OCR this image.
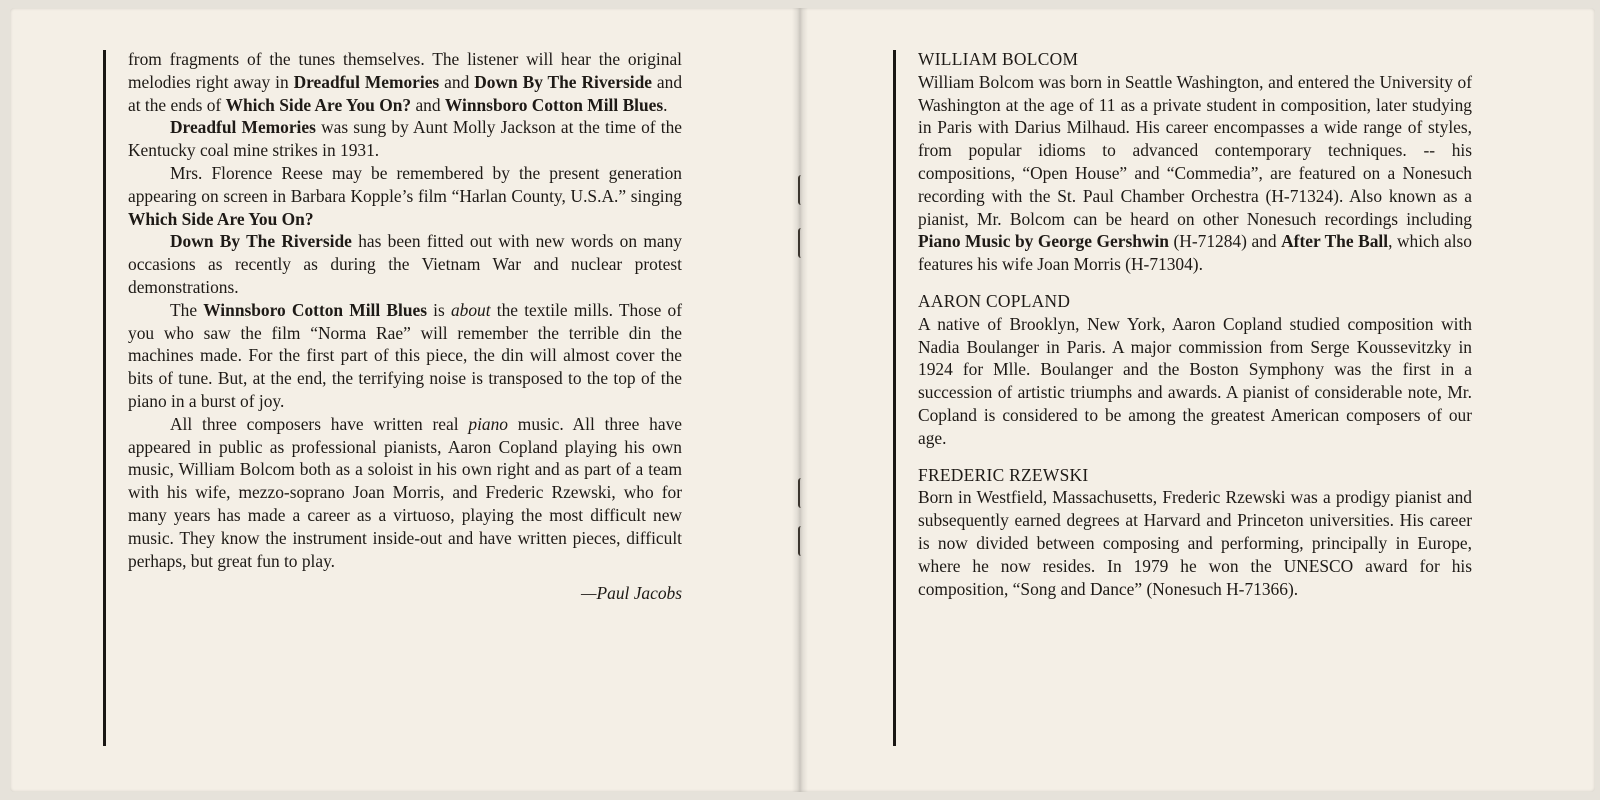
from fragments of the tunes themselves. The listener will hear the original melodies right away in Dreadful Memories and Down By The Riverside and at the ends of Which Side Are You On? and Winnsboro Cotton Mill Blues.

Dreadful Memories was sung by Aunt Molly Jackson at the time of the Kentucky coal mine strikes in 1931.

Mrs. Florence Reese may be remembered by the present generation appearing on screen in Barbara Kopple’s film “Harlan County, U.S.A.” singing Which Side Are You On?

Down By The Riverside has been fitted out with new words on many occasions as recently as during the Vietnam War and nuclear protest demonstrations.

The Winnsboro Cotton Mill Blues is about the textile mills. Those of you who saw the film “Norma Rae” will remember the terrible din the machines made. For the first part of this piece, the din will almost cover the bits of tune. But, at the end, the terrifying noise is transposed to the top of the piano in a burst of joy.

All three composers have written real piano music. All three have appeared in public as professional pianists, Aaron Copland playing his own music, William Bolcom both as a soloist in his own right and as part of a team with his wife, mezzo-soprano Joan Morris, and Frederic Rzewski, who for many years has made a career as a virtuoso, playing the most difficult new music. They know the instrument inside-out and have written pieces, difficult perhaps, but great fun to play.

—Paul Jacobs

WILLIAM BOLCOM

William Bolcom was born in Seattle Washington, and entered the University of Washington at the age of 11 as a private student in composition, later studying in Paris with Darius Milhaud. His career encompasses a wide range of styles, from popular idioms to advanced contemporary techniques. -- his compositions, “Open House” and “Commedia”, are featured on a Nonesuch recording with the St. Paul Chamber Orchestra (H-71324). Also known as a pianist, Mr. Bolcom can be heard on other Nonesuch recordings including Piano Music by George Gershwin (H-71284) and After The Ball, which also features his wife Joan Morris (H-71304).

AARON COPLAND

A native of Brooklyn, New York, Aaron Copland studied composition with Nadia Boulanger in Paris. A major commission from Serge Koussevitzky in 1924 for Mlle. Boulanger and the Boston Symphony was the first in a succession of artistic triumphs and awards. A pianist of considerable note, Mr. Copland is considered to be among the greatest American composers of our age.

FREDERIC RZEWSKI

Born in Westfield, Massachusetts, Frederic Rzewski was a prodigy pianist and subsequently earned degrees at Harvard and Princeton universities. His career is now divided between composing and performing, principally in Europe, where he now resides. In 1979 he won the UNESCO award for his composition, “Song and Dance” (Nonesuch H-71366).
